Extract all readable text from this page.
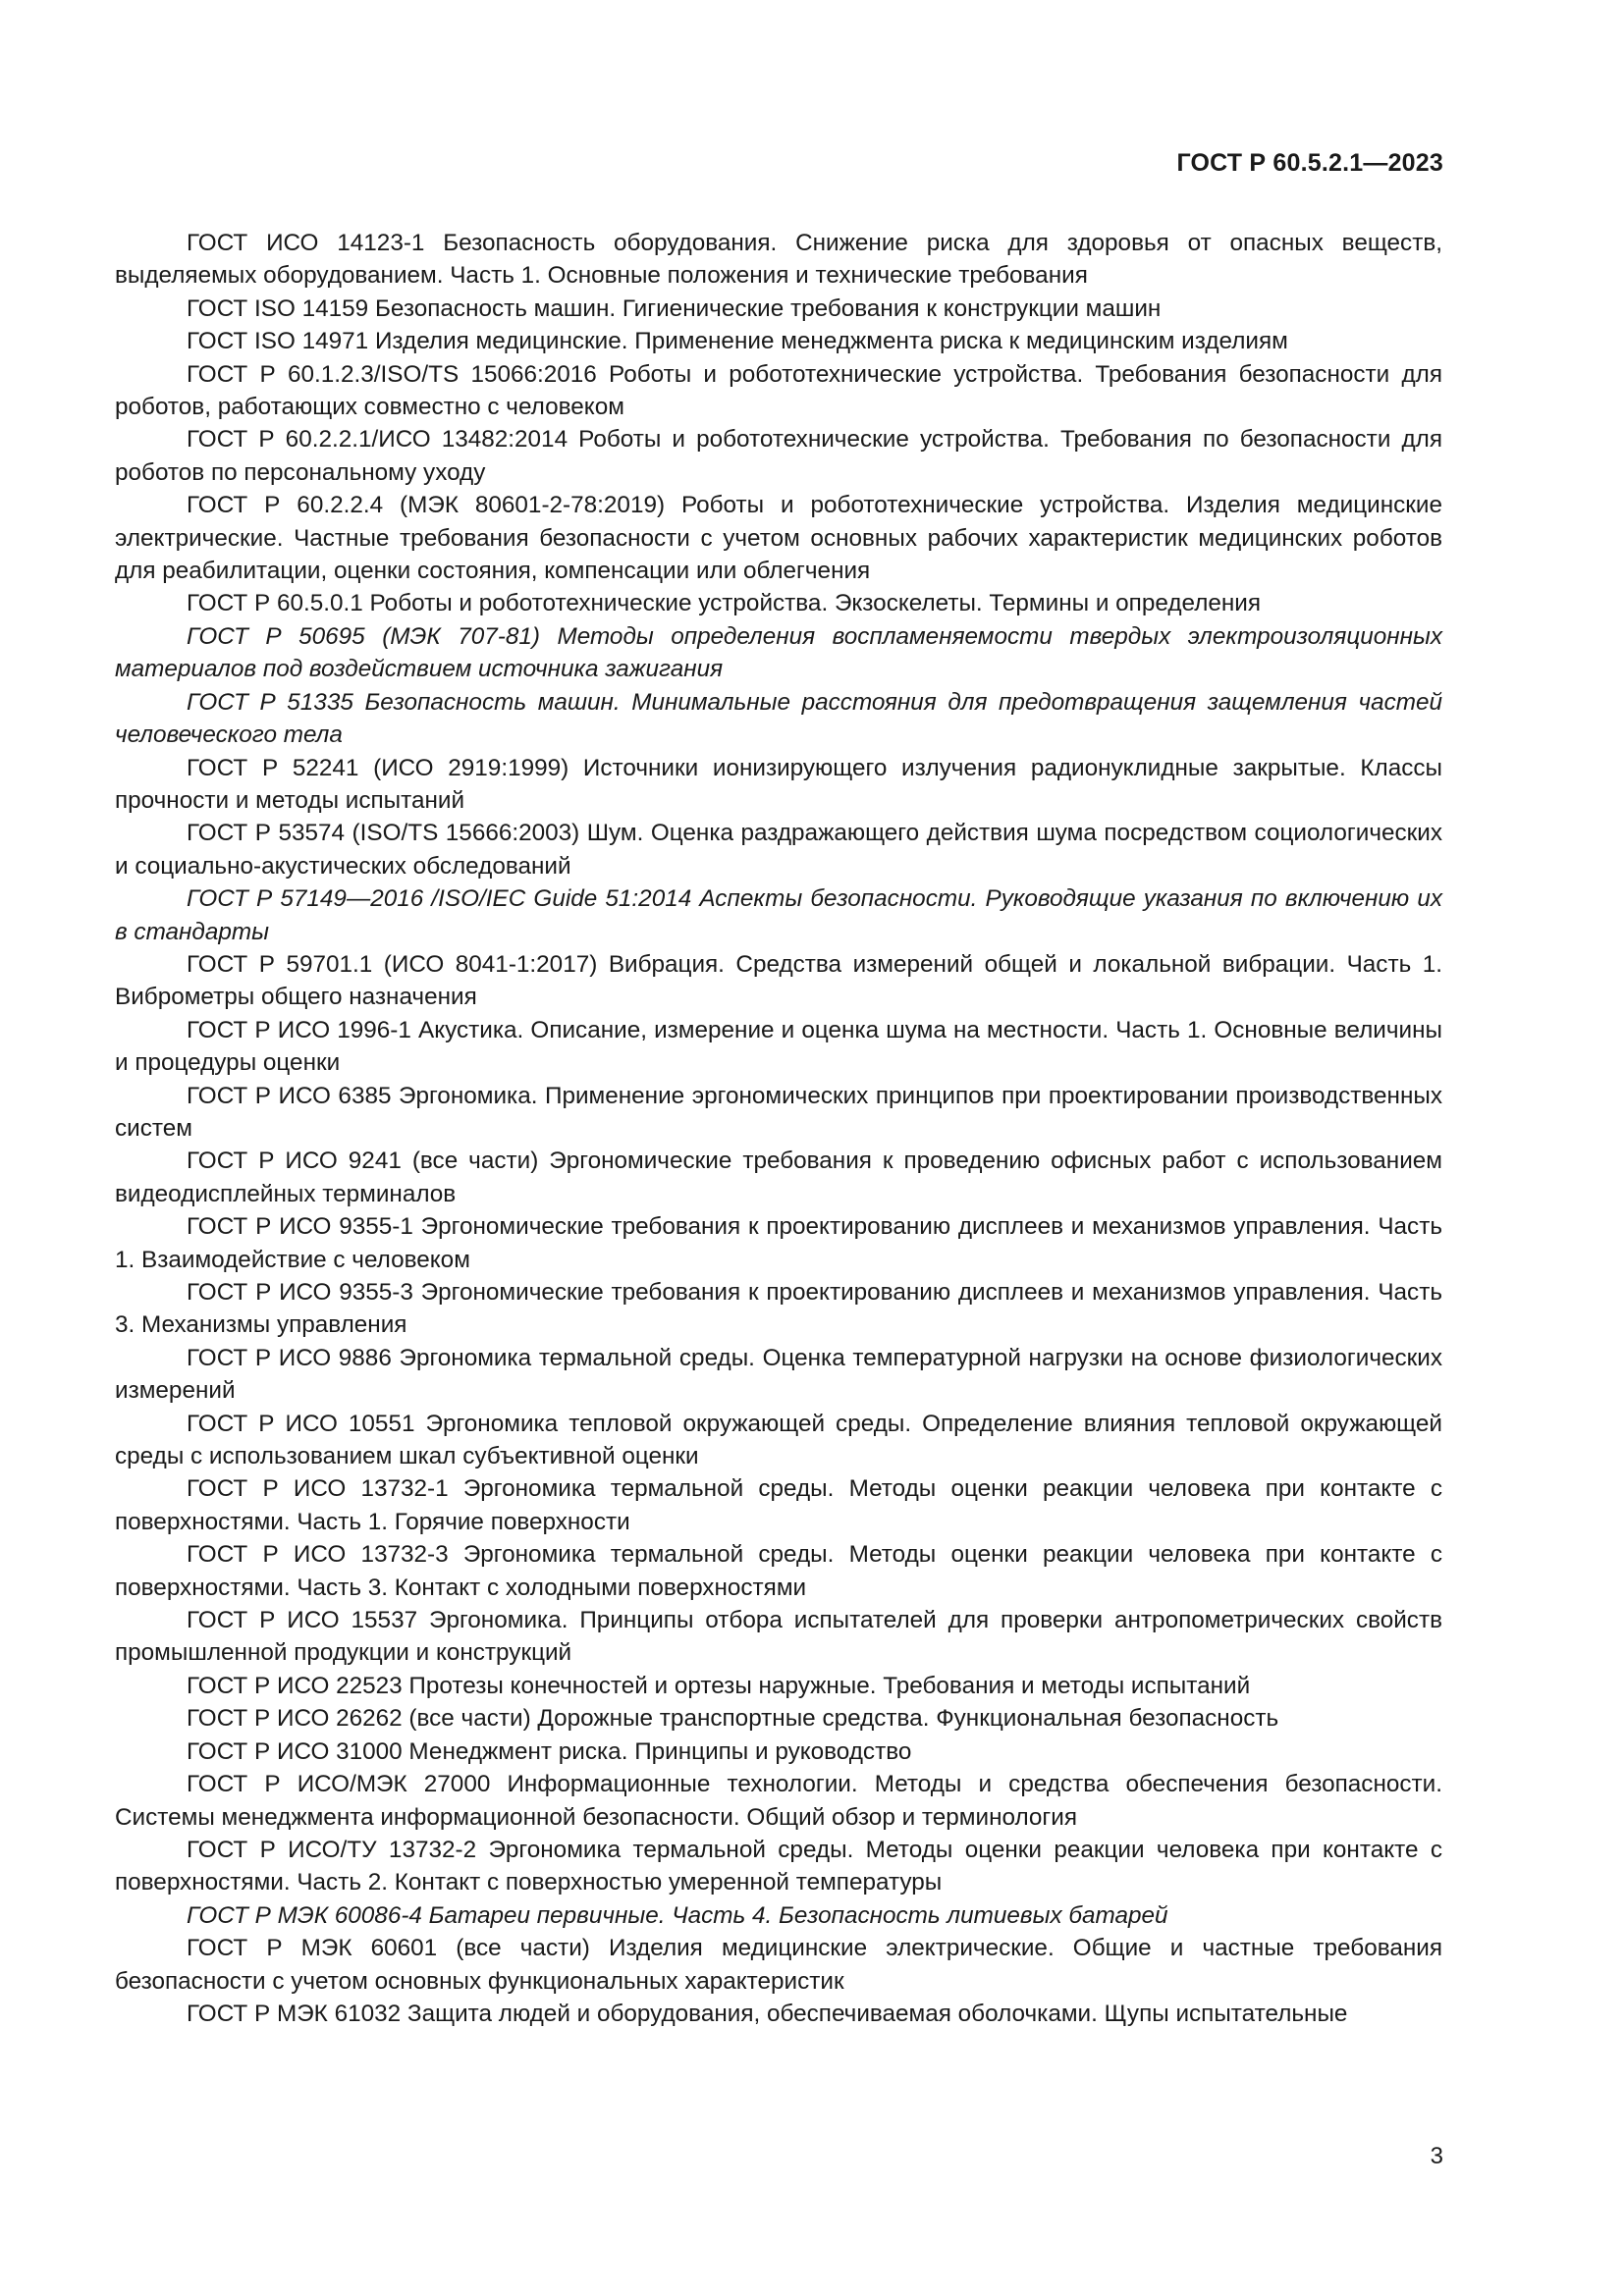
ГОСТ Р 60.5.2.1—2023

ГОСТ ИСО 14123-1 Безопасность оборудования. Снижение риска для здоровья от опасных веществ, выделяемых оборудованием. Часть 1. Основные положения и технические требования

ГОСТ ISO 14159 Безопасность машин. Гигиенические требования к конструкции машин

ГОСТ ISO 14971 Изделия медицинские. Применение менеджмента риска к медицинским изделиям

ГОСТ Р 60.1.2.3/ISO/TS 15066:2016 Роботы и робототехнические устройства. Требования безопасности для роботов, работающих совместно с человеком

ГОСТ Р 60.2.2.1/ИСО 13482:2014 Роботы и робототехнические устройства. Требования по безопасности для роботов по персональному уходу

ГОСТ Р 60.2.2.4 (МЭК 80601-2-78:2019) Роботы и робототехнические устройства. Изделия медицинские электрические. Частные требования безопасности с учетом основных рабочих характеристик медицинских роботов для реабилитации, оценки состояния, компенсации или облегчения

ГОСТ Р 60.5.0.1 Роботы и робототехнические устройства. Экзоскелеты. Термины и определения

ГОСТ Р 50695 (МЭК 707-81) Методы определения воспламеняемости твердых электроизоляционных материалов под воздействием источника зажигания

ГОСТ Р 51335 Безопасность машин. Минимальные расстояния для предотвращения защемления частей человеческого тела

ГОСТ Р 52241 (ИСО 2919:1999) Источники ионизирующего излучения радионуклидные закрытые. Классы прочности и методы испытаний

ГОСТ Р 53574 (ISO/TS 15666:2003) Шум. Оценка раздражающего действия шума посредством социологических и социально-акустических обследований

ГОСТ Р 57149—2016 /ISO/IEC Guide 51:2014 Аспекты безопасности. Руководящие указания по включению их в стандарты

ГОСТ Р 59701.1 (ИСО 8041-1:2017) Вибрация. Средства измерений общей и локальной вибрации. Часть 1. Виброметры общего назначения

ГОСТ Р ИСО 1996-1 Акустика. Описание, измерение и оценка шума на местности. Часть 1. Основные величины и процедуры оценки

ГОСТ Р ИСО 6385 Эргономика. Применение эргономических принципов при проектировании производственных систем

ГОСТ Р ИСО 9241 (все части) Эргономические требования к проведению офисных работ с использованием видеодисплейных терминалов

ГОСТ Р ИСО 9355-1 Эргономические требования к проектированию дисплеев и механизмов управления. Часть 1. Взаимодействие с человеком

ГОСТ Р ИСО 9355-3 Эргономические требования к проектированию дисплеев и механизмов управления. Часть 3. Механизмы управления

ГОСТ Р ИСО 9886 Эргономика термальной среды. Оценка температурной нагрузки на основе физиологических измерений

ГОСТ Р ИСО 10551 Эргономика тепловой окружающей среды. Определение влияния тепловой окружающей среды с использованием шкал субъективной оценки

ГОСТ Р ИСО 13732-1 Эргономика термальной среды. Методы оценки реакции человека при контакте с поверхностями. Часть 1. Горячие поверхности

ГОСТ Р ИСО 13732-3 Эргономика термальной среды. Методы оценки реакции человека при контакте с поверхностями. Часть 3. Контакт с холодными поверхностями

ГОСТ Р ИСО 15537 Эргономика. Принципы отбора испытателей для проверки антропометрических свойств промышленной продукции и конструкций

ГОСТ Р ИСО 22523 Протезы конечностей и ортезы наружные. Требования и методы испытаний

ГОСТ Р ИСО 26262 (все части) Дорожные транспортные средства. Функциональная безопасность

ГОСТ Р ИСО 31000 Менеджмент риска. Принципы и руководство

ГОСТ Р ИСО/МЭК 27000 Информационные технологии. Методы и средства обеспечения безопасности. Системы менеджмента информационной безопасности. Общий обзор и терминология

ГОСТ Р ИСО/ТУ 13732-2 Эргономика термальной среды. Методы оценки реакции человека при контакте с поверхностями. Часть 2. Контакт с поверхностью умеренной температуры

ГОСТ Р МЭК 60086-4 Батареи первичные. Часть 4. Безопасность литиевых батарей

ГОСТ Р МЭК 60601 (все части) Изделия медицинские электрические. Общие и частные требования безопасности с учетом основных функциональных характеристик

ГОСТ Р МЭК 61032 Защита людей и оборудования, обеспечиваемая оболочками. Щупы испытательные

3
